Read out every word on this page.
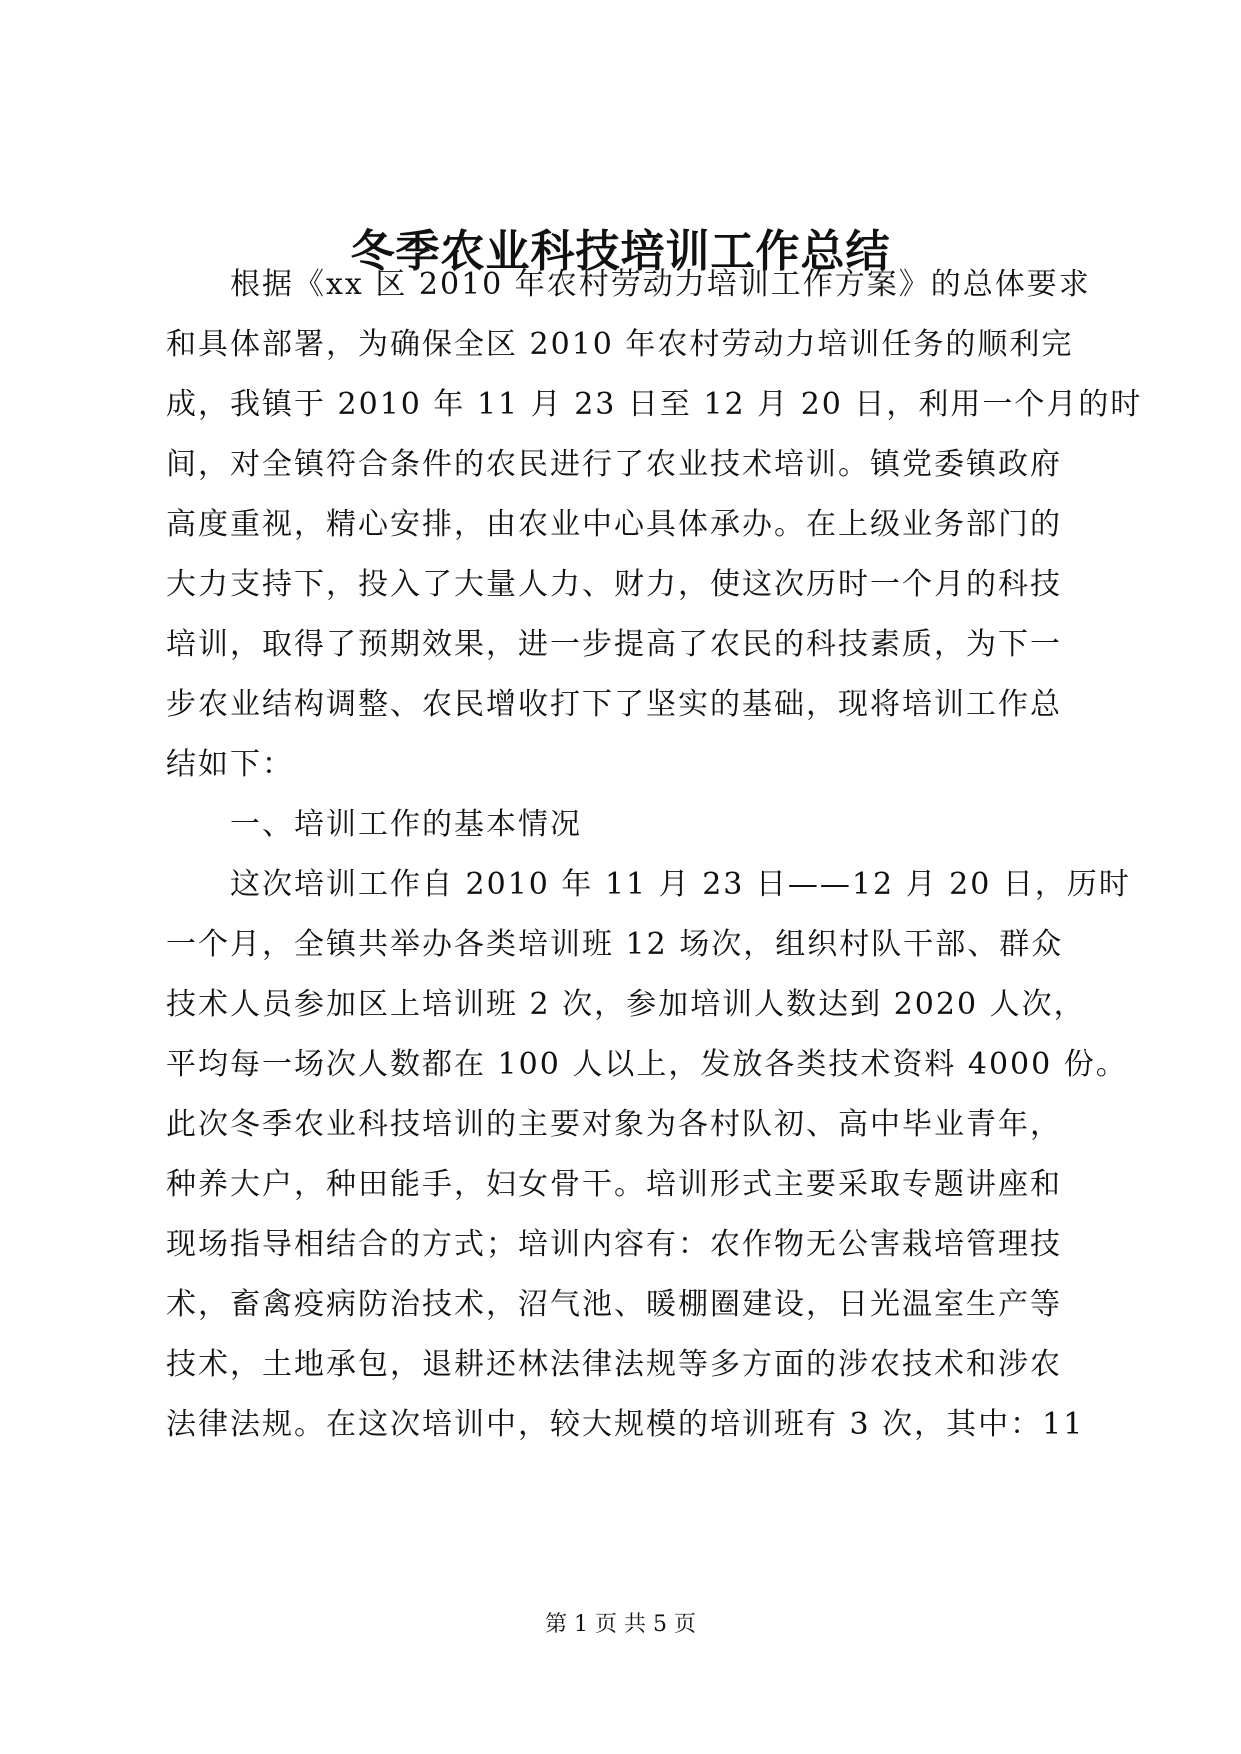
冬季农业科技培训工作总结
根据《xx 区 2010 年农村劳动力培训工作方案》的总体要求
和具体部署，为确保全区 2010 年农村劳动力培训任务的顺利完
成，我镇于 2010 年 11 月 23 日至 12 月 20 日，利用一个月的时
间，对全镇符合条件的农民进行了农业技术培训。镇党委镇政府
高度重视，精心安排，由农业中心具体承办。在上级业务部门的
大力支持下，投入了大量人力、财力，使这次历时一个月的科技
培训，取得了预期效果，进一步提高了农民的科技素质，为下一
步农业结构调整、农民增收打下了坚实的基础，现将培训工作总
结如下：
一、培训工作的基本情况
这次培训工作自 2010 年 11 月 23 日——12 月 20 日，历时
一个月，全镇共举办各类培训班 12 场次，组织村队干部、群众
技术人员参加区上培训班 2 次，参加培训人数达到 2020 人次，
平均每一场次人数都在 100 人以上，发放各类技术资料 4000 份。
此次冬季农业科技培训的主要对象为各村队初、高中毕业青年，
种养大户，种田能手，妇女骨干。培训形式主要采取专题讲座和
现场指导相结合的方式；培训内容有：农作物无公害栽培管理技
术，畜禽疫病防治技术，沼气池、暖棚圈建设，日光温室生产等
技术，土地承包，退耕还林法律法规等多方面的涉农技术和涉农
法律法规。在这次培训中，较大规模的培训班有 3 次，其中：11
第 1 页 共 5 页
